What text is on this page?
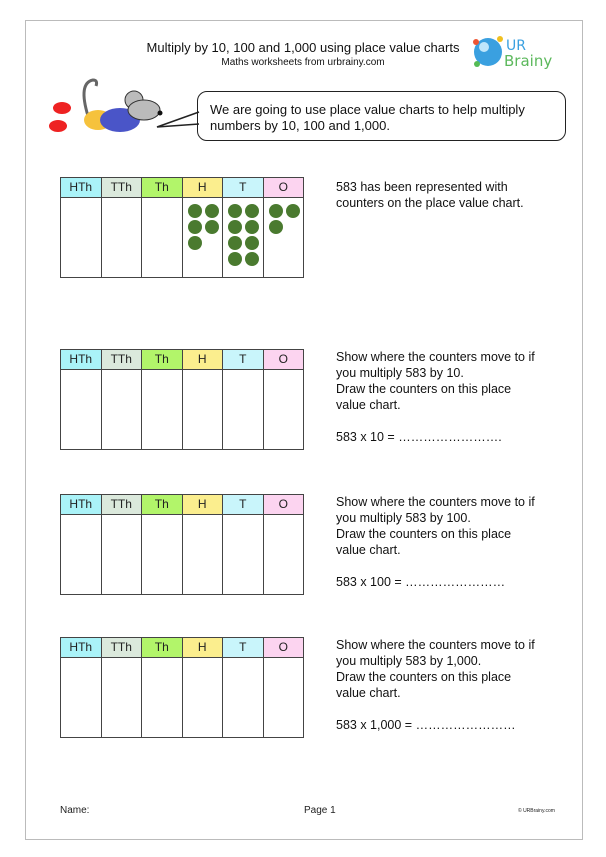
Multiply by 10, 100 and 1,000 using place value charts
Maths worksheets from urbrainy.com
UR
Brainy
We are going to use place value charts to help multiply numbers by 10, 100 and 1,000.
HTh	TTh	Th	H	T	O
HTh	TTh	Th	H	T	O
HTh	TTh	Th	H	T	O
HTh	TTh	Th	H	T	O
583 has been represented with counters on the place value chart.
Show where the counters move to if
you multiply 583 by 10.
Draw the counters on this place
value chart.
583 x 10 = …………………….
Show where the counters move to if
you multiply 583 by 100.
Draw the counters on this place
value chart.
583 x 100 = ……………………
Show where the counters move to if
you multiply 583 by 1,000.
Draw the counters on this place
value chart.
583 x 1,000 = ……………………
Name:	Page 1	© URBrainy.com
